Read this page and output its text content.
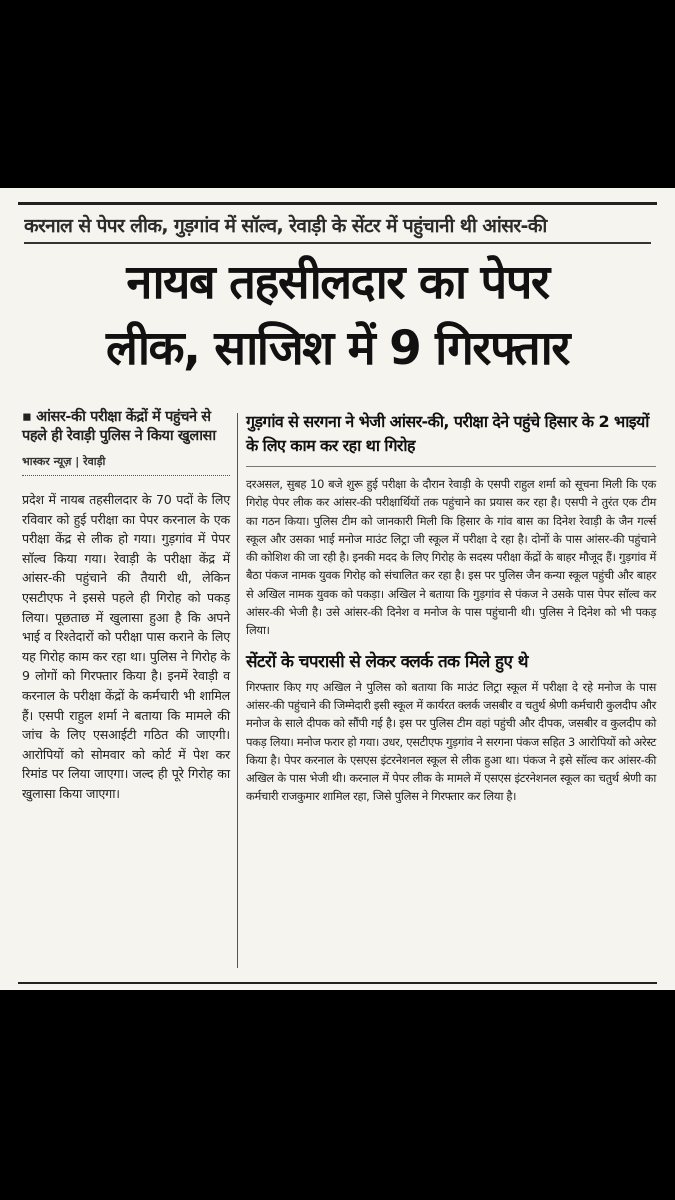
करनाल से पेपर लीक, गुड़गांव में सॉल्व, रेवाड़ी के सेंटर में पहुंचानी थी आंसर-की
नायब तहसीलदार का पेपर
लीक, साजिश में 9 गिरफ्तार
▪ आंसर-की परीक्षा केंद्रों में पहुंचने से पहले ही रेवाड़ी पुलिस ने किया खुलासा
भास्कर न्यूज़ | रेवाड़ी
प्रदेश में नायब तहसीलदार के 70 पदों के लिए रविवार को हुई परीक्षा का पेपर करनाल के एक परीक्षा केंद्र से लीक हो गया। गुड़गांव में पेपर सॉल्व किया गया। रेवाड़ी के परीक्षा केंद्र में आंसर-की पहुंचाने की तैयारी थी, लेकिन एसटीएफ ने इससे पहले ही गिरोह को पकड़ लिया। पूछताछ में खुलासा हुआ है कि अपने भाई व रिश्तेदारों को परीक्षा पास कराने के लिए यह गिरोह काम कर रहा था। पुलिस ने गिरोह के 9 लोगों को गिरफ्तार किया है। इनमें रेवाड़ी व करनाल के परीक्षा केंद्रों के कर्मचारी भी शामिल हैं। एसपी राहुल शर्मा ने बताया कि मामले की जांच के लिए एसआईटी गठित की जाएगी। आरोपियों को सोमवार को कोर्ट में पेश कर रिमांड पर लिया जाएगा। जल्द ही पूरे गिरोह का खुलासा किया जाएगा।
गुड़गांव से सरगना ने भेजी आंसर-की, परीक्षा देने पहुंचे हिसार के 2 भाइयों के लिए काम कर रहा था गिरोह
दरअसल, सुबह 10 बजे शुरू हुई परीक्षा के दौरान रेवाड़ी के एसपी राहुल शर्मा को सूचना मिली कि एक गिरोह पेपर लीक कर आंसर-की परीक्षार्थियों तक पहुंचाने का प्रयास कर रहा है। एसपी ने तुरंत एक टीम का गठन किया। पुलिस टीम को जानकारी मिली कि हिसार के गांव बास का दिनेश रेवाड़ी के जैन गर्ल्स स्कूल और उसका भाई मनोज माउंट लिट्रा जी स्कूल में परीक्षा दे रहा है। दोनों के पास आंसर-की पहुंचाने की कोशिश की जा रही है। इनकी मदद के लिए गिरोह के सदस्य परीक्षा केंद्रों के बाहर मौजूद हैं। गुड़गांव में बैठा पंकज नामक युवक गिरोह को संचालित कर रहा है। इस पर पुलिस जैन कन्या स्कूल पहुंची और बाहर से अखिल नामक युवक को पकड़ा। अखिल ने बताया कि गुड़गांव से पंकज ने उसके पास पेपर सॉल्व कर आंसर-की भेजी है। उसे आंसर-की दिनेश व मनोज के पास पहुंचानी थी। पुलिस ने दिनेश को भी पकड़ लिया।
सेंटरों के चपरासी से लेकर क्लर्क तक मिले हुए थे
गिरफ्तार किए गए अखिल ने पुलिस को बताया कि माउंट लिट्रा स्कूल में परीक्षा दे रहे मनोज के पास आंसर-की पहुंचाने की जिम्मेदारी इसी स्कूल में कार्यरत क्लर्क जसबीर व चतुर्थ श्रेणी कर्मचारी कुलदीप और मनोज के साले दीपक को सौंपी गई है। इस पर पुलिस टीम वहां पहुंची और दीपक, जसबीर व कुलदीप को पकड़ लिया। मनोज फरार हो गया। उधर, एसटीएफ गुड़गांव ने सरगना पंकज सहित 3 आरोपियों को अरेस्ट किया है। पेपर करनाल के एसएस इंटरनेशनल स्कूल से लीक हुआ था। पंकज ने इसे सॉल्व कर आंसर-की अखिल के पास भेजी थी। करनाल में पेपर लीक के मामले में एसएस इंटरनेशनल स्कूल का चतुर्थ श्रेणी का कर्मचारी राजकुमार शामिल रहा, जिसे पुलिस ने गिरफ्तार कर लिया है।
